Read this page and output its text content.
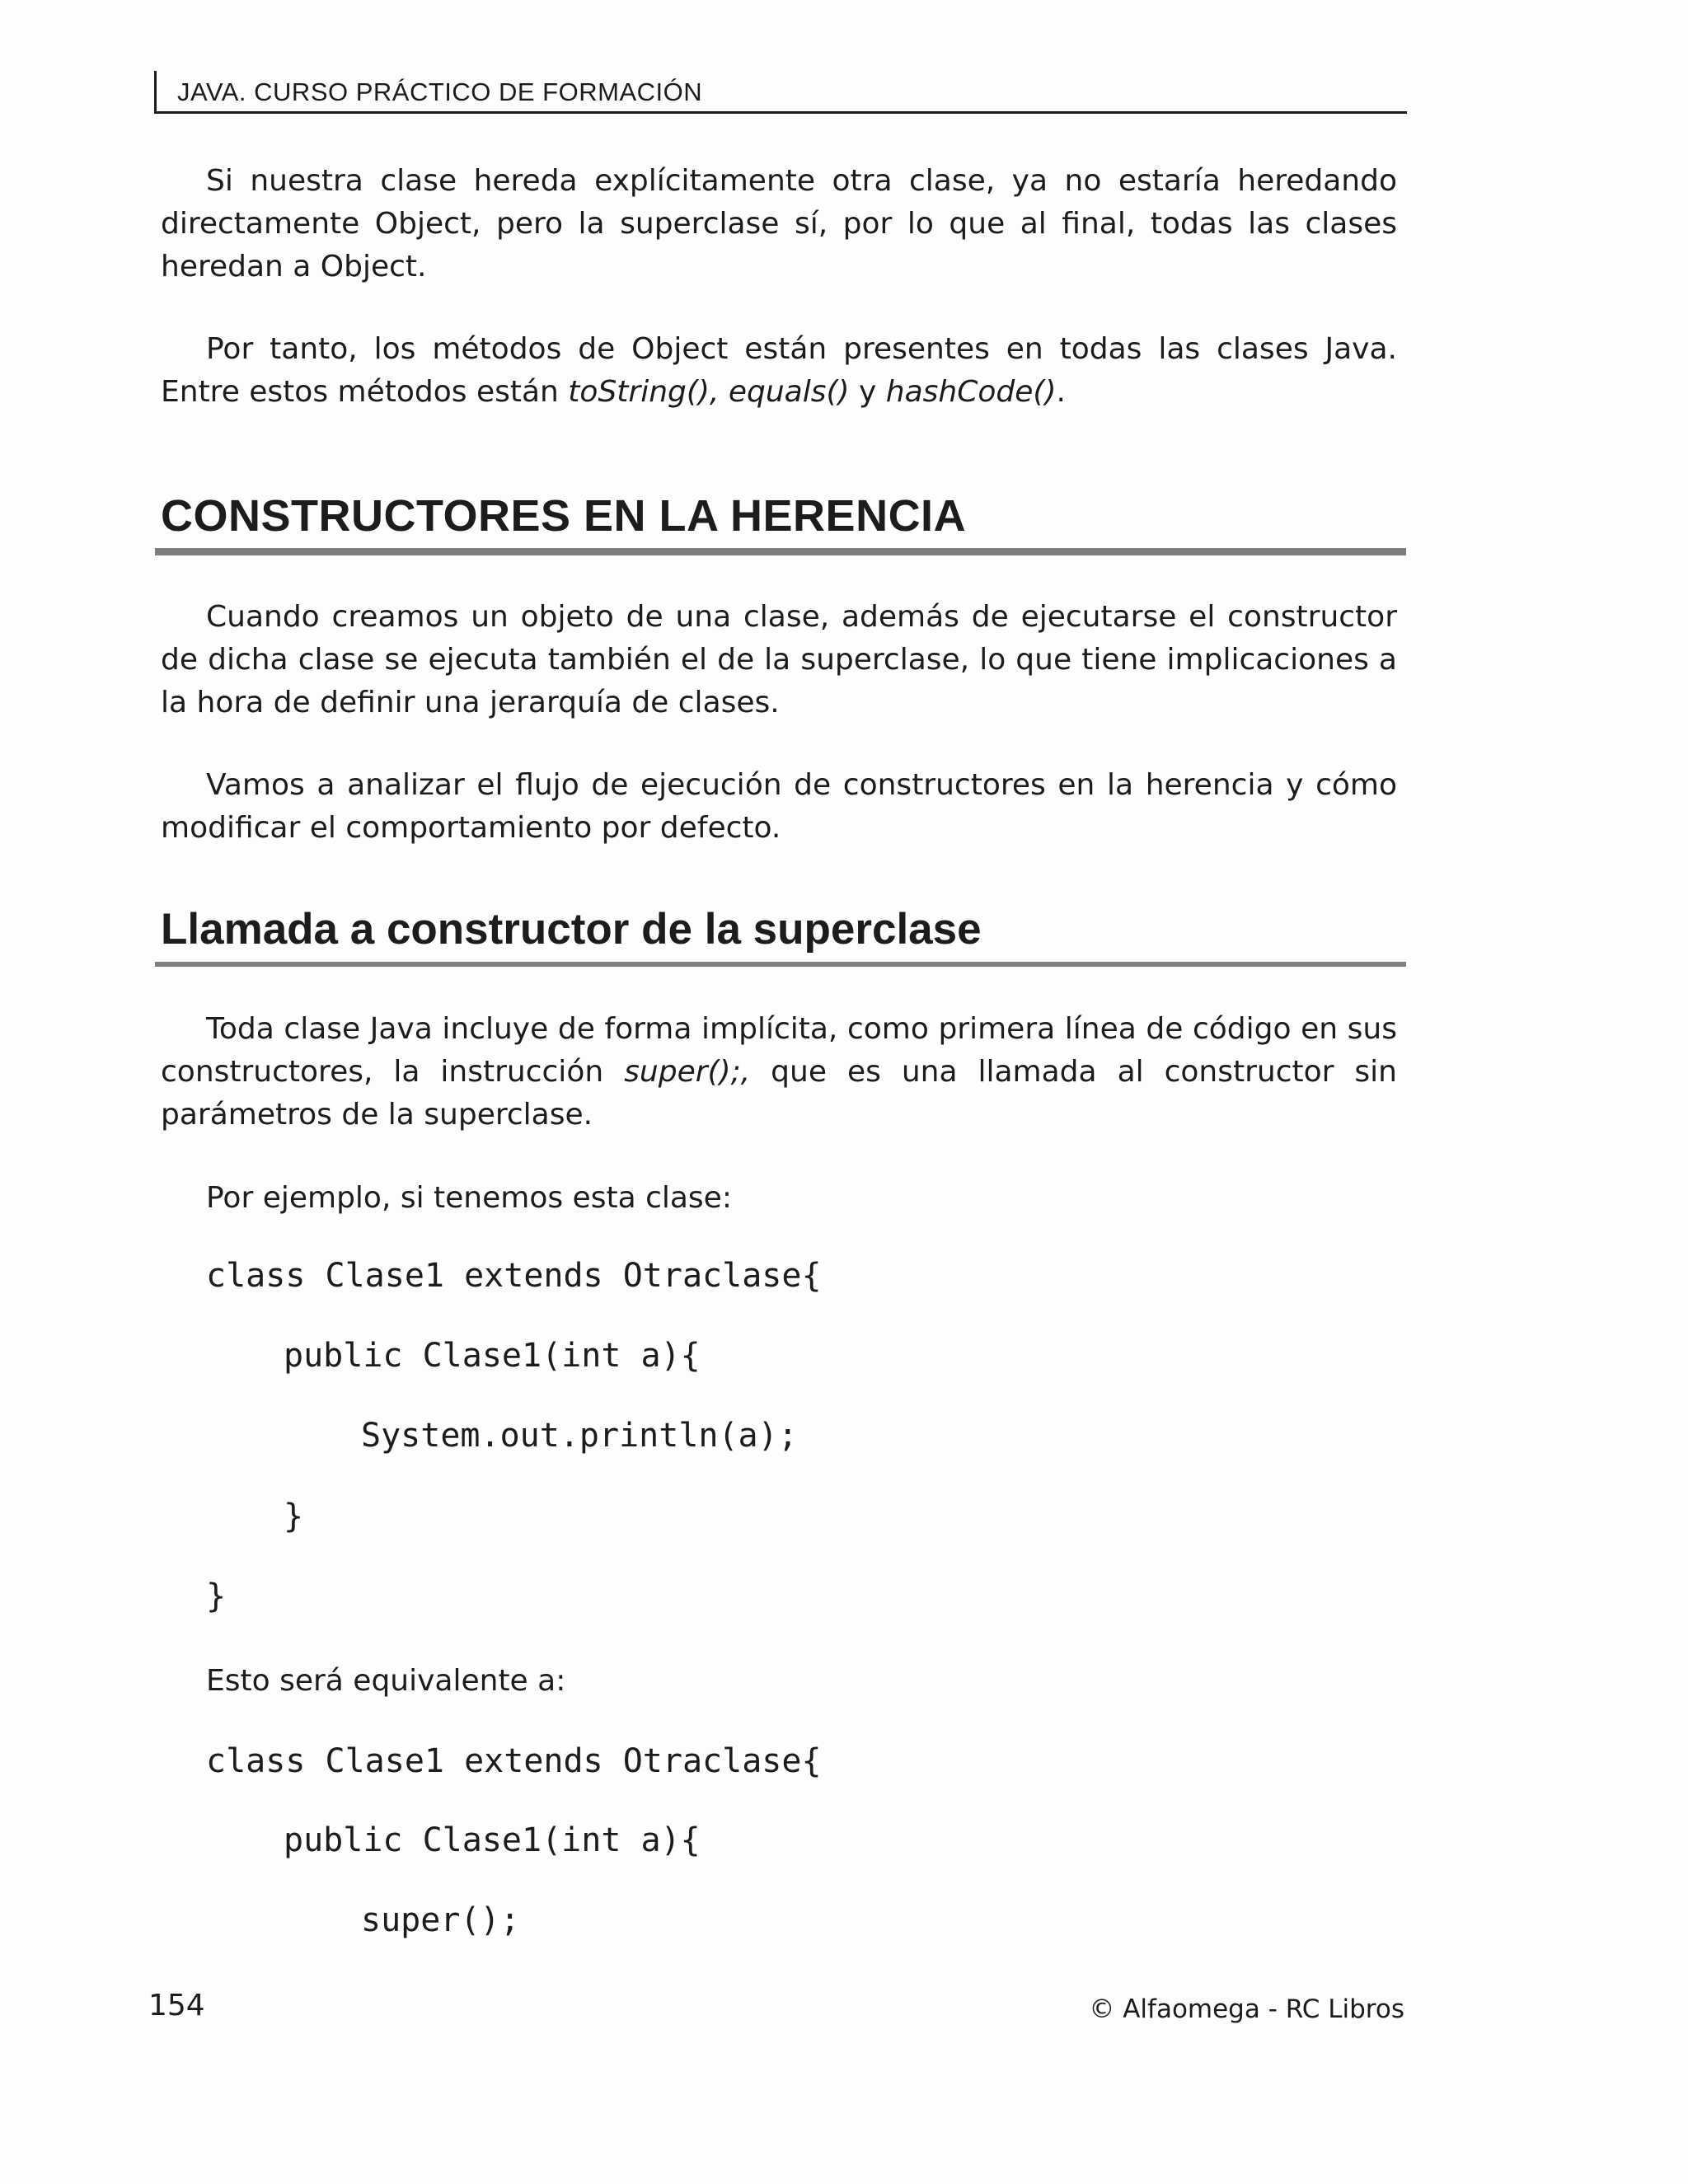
JAVA. CURSO PRÁCTICO DE FORMACIÓN

Si nuestra clase hereda explícitamente otra clase, ya no estaría heredando directamente Object, pero la superclase sí, por lo que al final, todas las clases heredan a Object.

Por tanto, los métodos de Object están presentes en todas las clases Java. Entre estos métodos están toString(), equals() y hashCode().

CONSTRUCTORES EN LA HERENCIA

Cuando creamos un objeto de una clase, además de ejecutarse el constructor de dicha clase se ejecuta también el de la superclase, lo que tiene implicaciones a la hora de definir una jerarquía de clases.

Vamos a analizar el flujo de ejecución de constructores en la herencia y cómo modificar el comportamiento por defecto.

Llamada a constructor de la superclase

Toda clase Java incluye de forma implícita, como primera línea de código en sus constructores, la instrucción super();, que es una llamada al constructor sin parámetros de la superclase.

Por ejemplo, si tenemos esta clase:

class Clase1 extends Otraclase{
public Clase1(int a){
System.out.println(a);
}
}

Esto será equivalente a:

class Clase1 extends Otraclase{
public Clase1(int a){
super();
154	© Alfaomega - RC Libros
